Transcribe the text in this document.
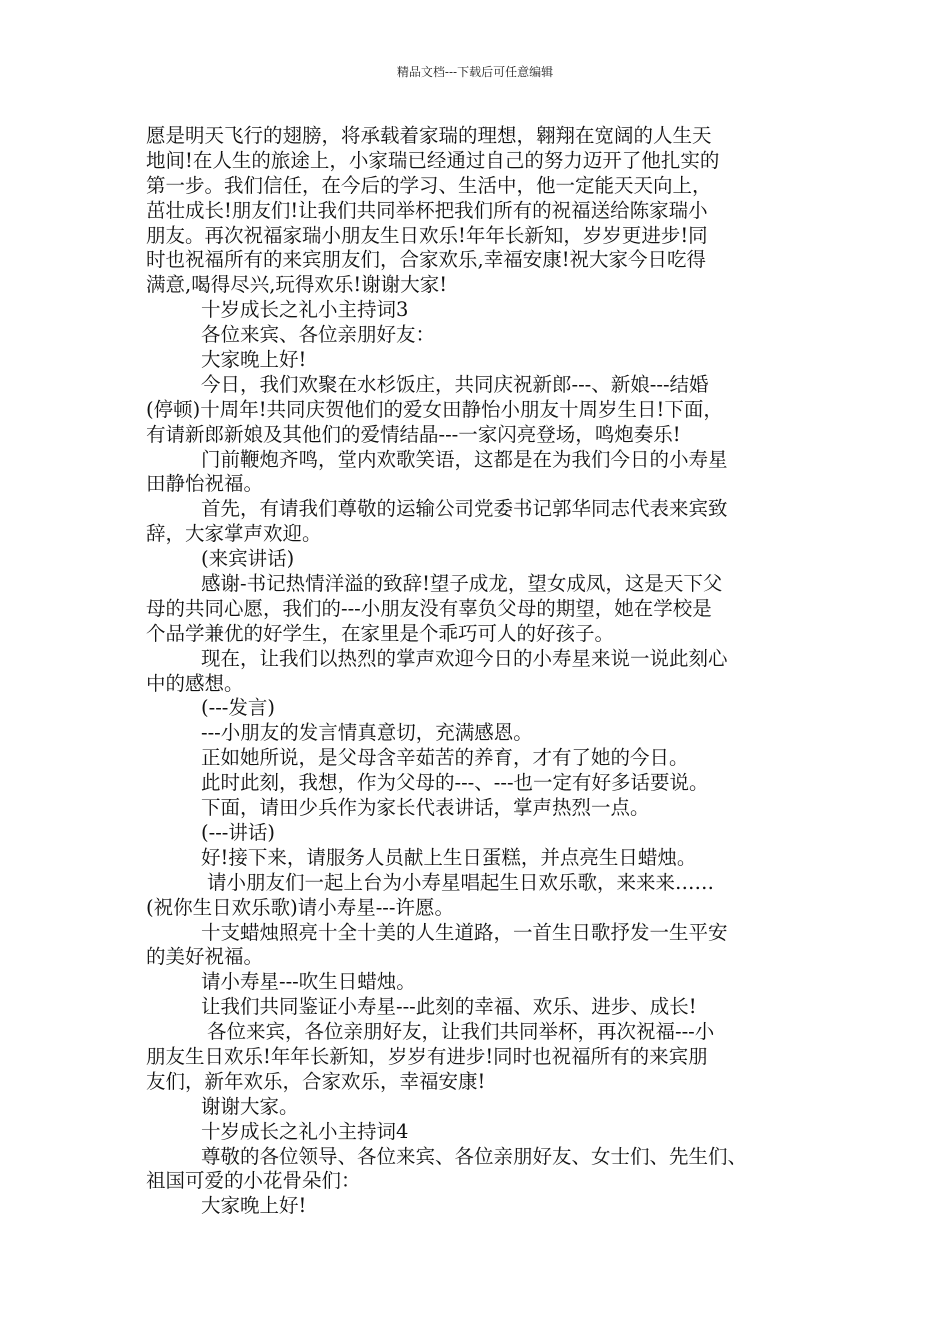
精品文档---下载后可任意编辑
愿是明天飞行的翅膀，将承载着家瑞的理想，翱翔在宽阔的人生天
地间!在人生的旅途上，小家瑞已经通过自己的努力迈开了他扎实的
第一步。我们信任，在今后的学习、生活中，他一定能天天向上，
茁壮成长!朋友们!让我们共同举杯把我们所有的祝福送给陈家瑞小
朋友。再次祝福家瑞小朋友生日欢乐!年年长新知，岁岁更进步!同
时也祝福所有的来宾朋友们，合家欢乐,幸福安康!祝大家今日吃得
满意,喝得尽兴,玩得欢乐!谢谢大家!
十岁成长之礼小主持词3
各位来宾、各位亲朋好友：
大家晚上好!
今日，我们欢聚在水杉饭庄，共同庆祝新郎---、新娘---结婚
(停顿)十周年!共同庆贺他们的爱女田静怡小朋友十周岁生日!下面，
有请新郎新娘及其他们的爱情结晶---一家闪亮登场，鸣炮奏乐!
门前鞭炮齐鸣，堂内欢歌笑语，这都是在为我们今日的小寿星
田静怡祝福。
首先，有请我们尊敬的运输公司党委书记郭华同志代表来宾致
辞，大家掌声欢迎。
(来宾讲话)
感谢-书记热情洋溢的致辞!望子成龙，望女成凤，这是天下父
母的共同心愿，我们的---小朋友没有辜负父母的期望，她在学校是
个品学兼优的好学生，在家里是个乖巧可人的好孩子。
现在，让我们以热烈的掌声欢迎今日的小寿星来说一说此刻心
中的感想。
(---发言)
---小朋友的发言情真意切，充满感恩。
正如她所说，是父母含辛茹苦的养育，才有了她的今日。
此时此刻，我想，作为父母的---、---也一定有好多话要说。
下面，请田少兵作为家长代表讲话，掌声热烈一点。
(---讲话)
好!接下来，请服务人员献上生日蛋糕，并点亮生日蜡烛。
请小朋友们一起上台为小寿星唱起生日欢乐歌，来来来……
(祝你生日欢乐歌)请小寿星---许愿。
十支蜡烛照亮十全十美的人生道路，一首生日歌抒发一生平安
的美好祝福。
请小寿星---吹生日蜡烛。
让我们共同鉴证小寿星---此刻的幸福、欢乐、进步、成长!
各位来宾，各位亲朋好友，让我们共同举杯，再次祝福---小
朋友生日欢乐!年年长新知，岁岁有进步!同时也祝福所有的来宾朋
友们，新年欢乐，合家欢乐，幸福安康!
谢谢大家。
十岁成长之礼小主持词4
尊敬的各位领导、各位来宾、各位亲朋好友、女士们、先生们、
祖国可爱的小花骨朵们：
大家晚上好!
